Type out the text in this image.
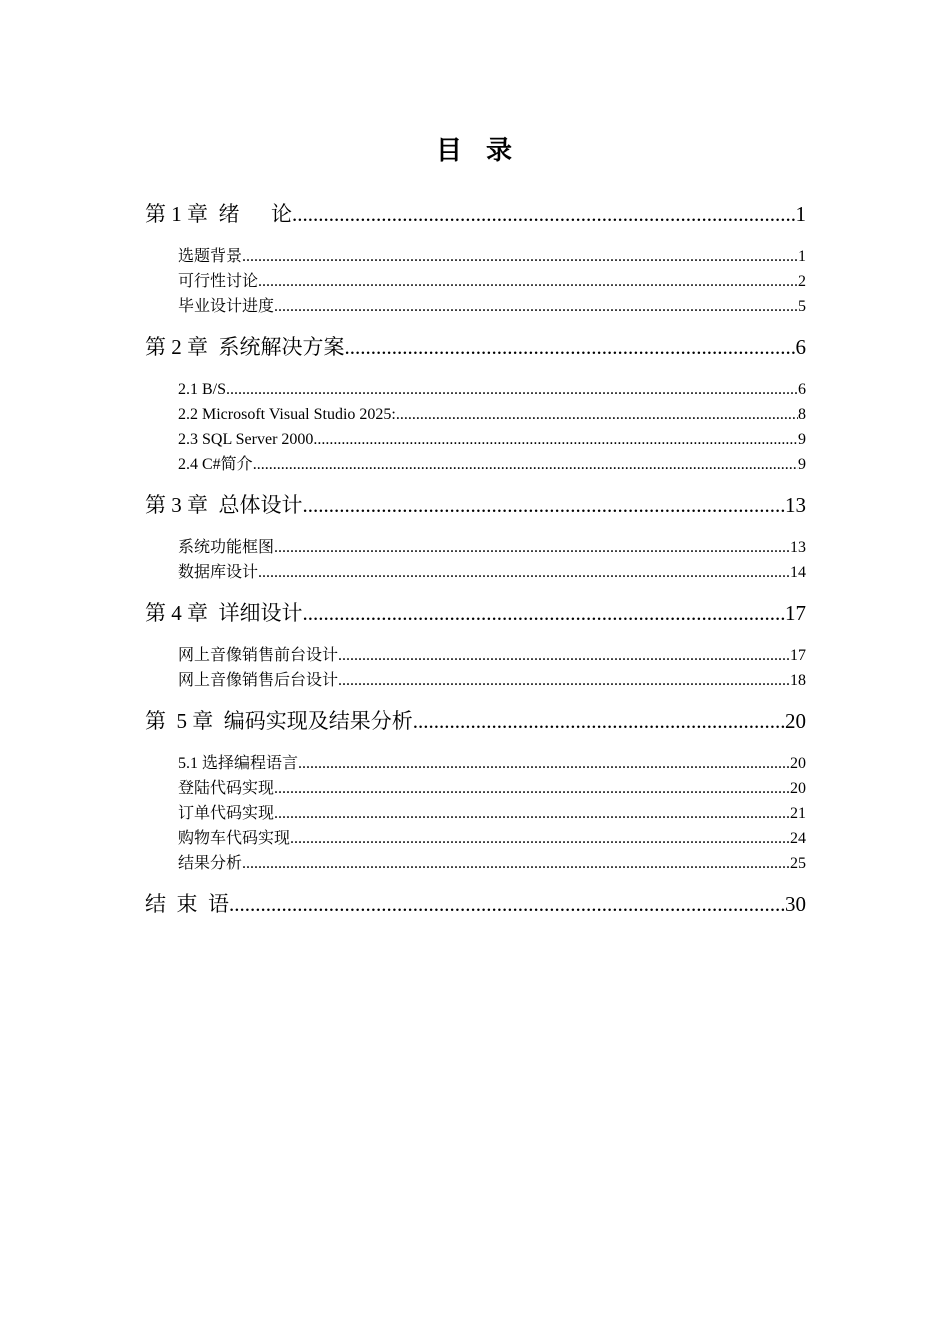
目  录
第 1 章  绪      论 .....	1
选题背景 .....	1
可行性讨论 .....	2
毕业设计进度 .....	5
第 2 章  系统解决方案 .....	6
2.1 B/S .....	6
2.2 Microsoft Visual Studio 2025: .....	8
2.3 SQL Server 2000 .....	9
2.4 C#简介 .....	9
第 3 章  总体设计 .....	13
系统功能框图 .....	13
数据库设计 .....	14
第 4 章  详细设计 .....	17
网上音像销售前台设计 .....	17
网上音像销售后台设计 .....	18
第  5 章  编码实现及结果分析 .....	20
5.1 选择编程语言 .....	20
登陆代码实现 .....	20
订单代码实现 .....	21
购物车代码实现 .....	24
结果分析 .....	25
结  束  语 .....	30
